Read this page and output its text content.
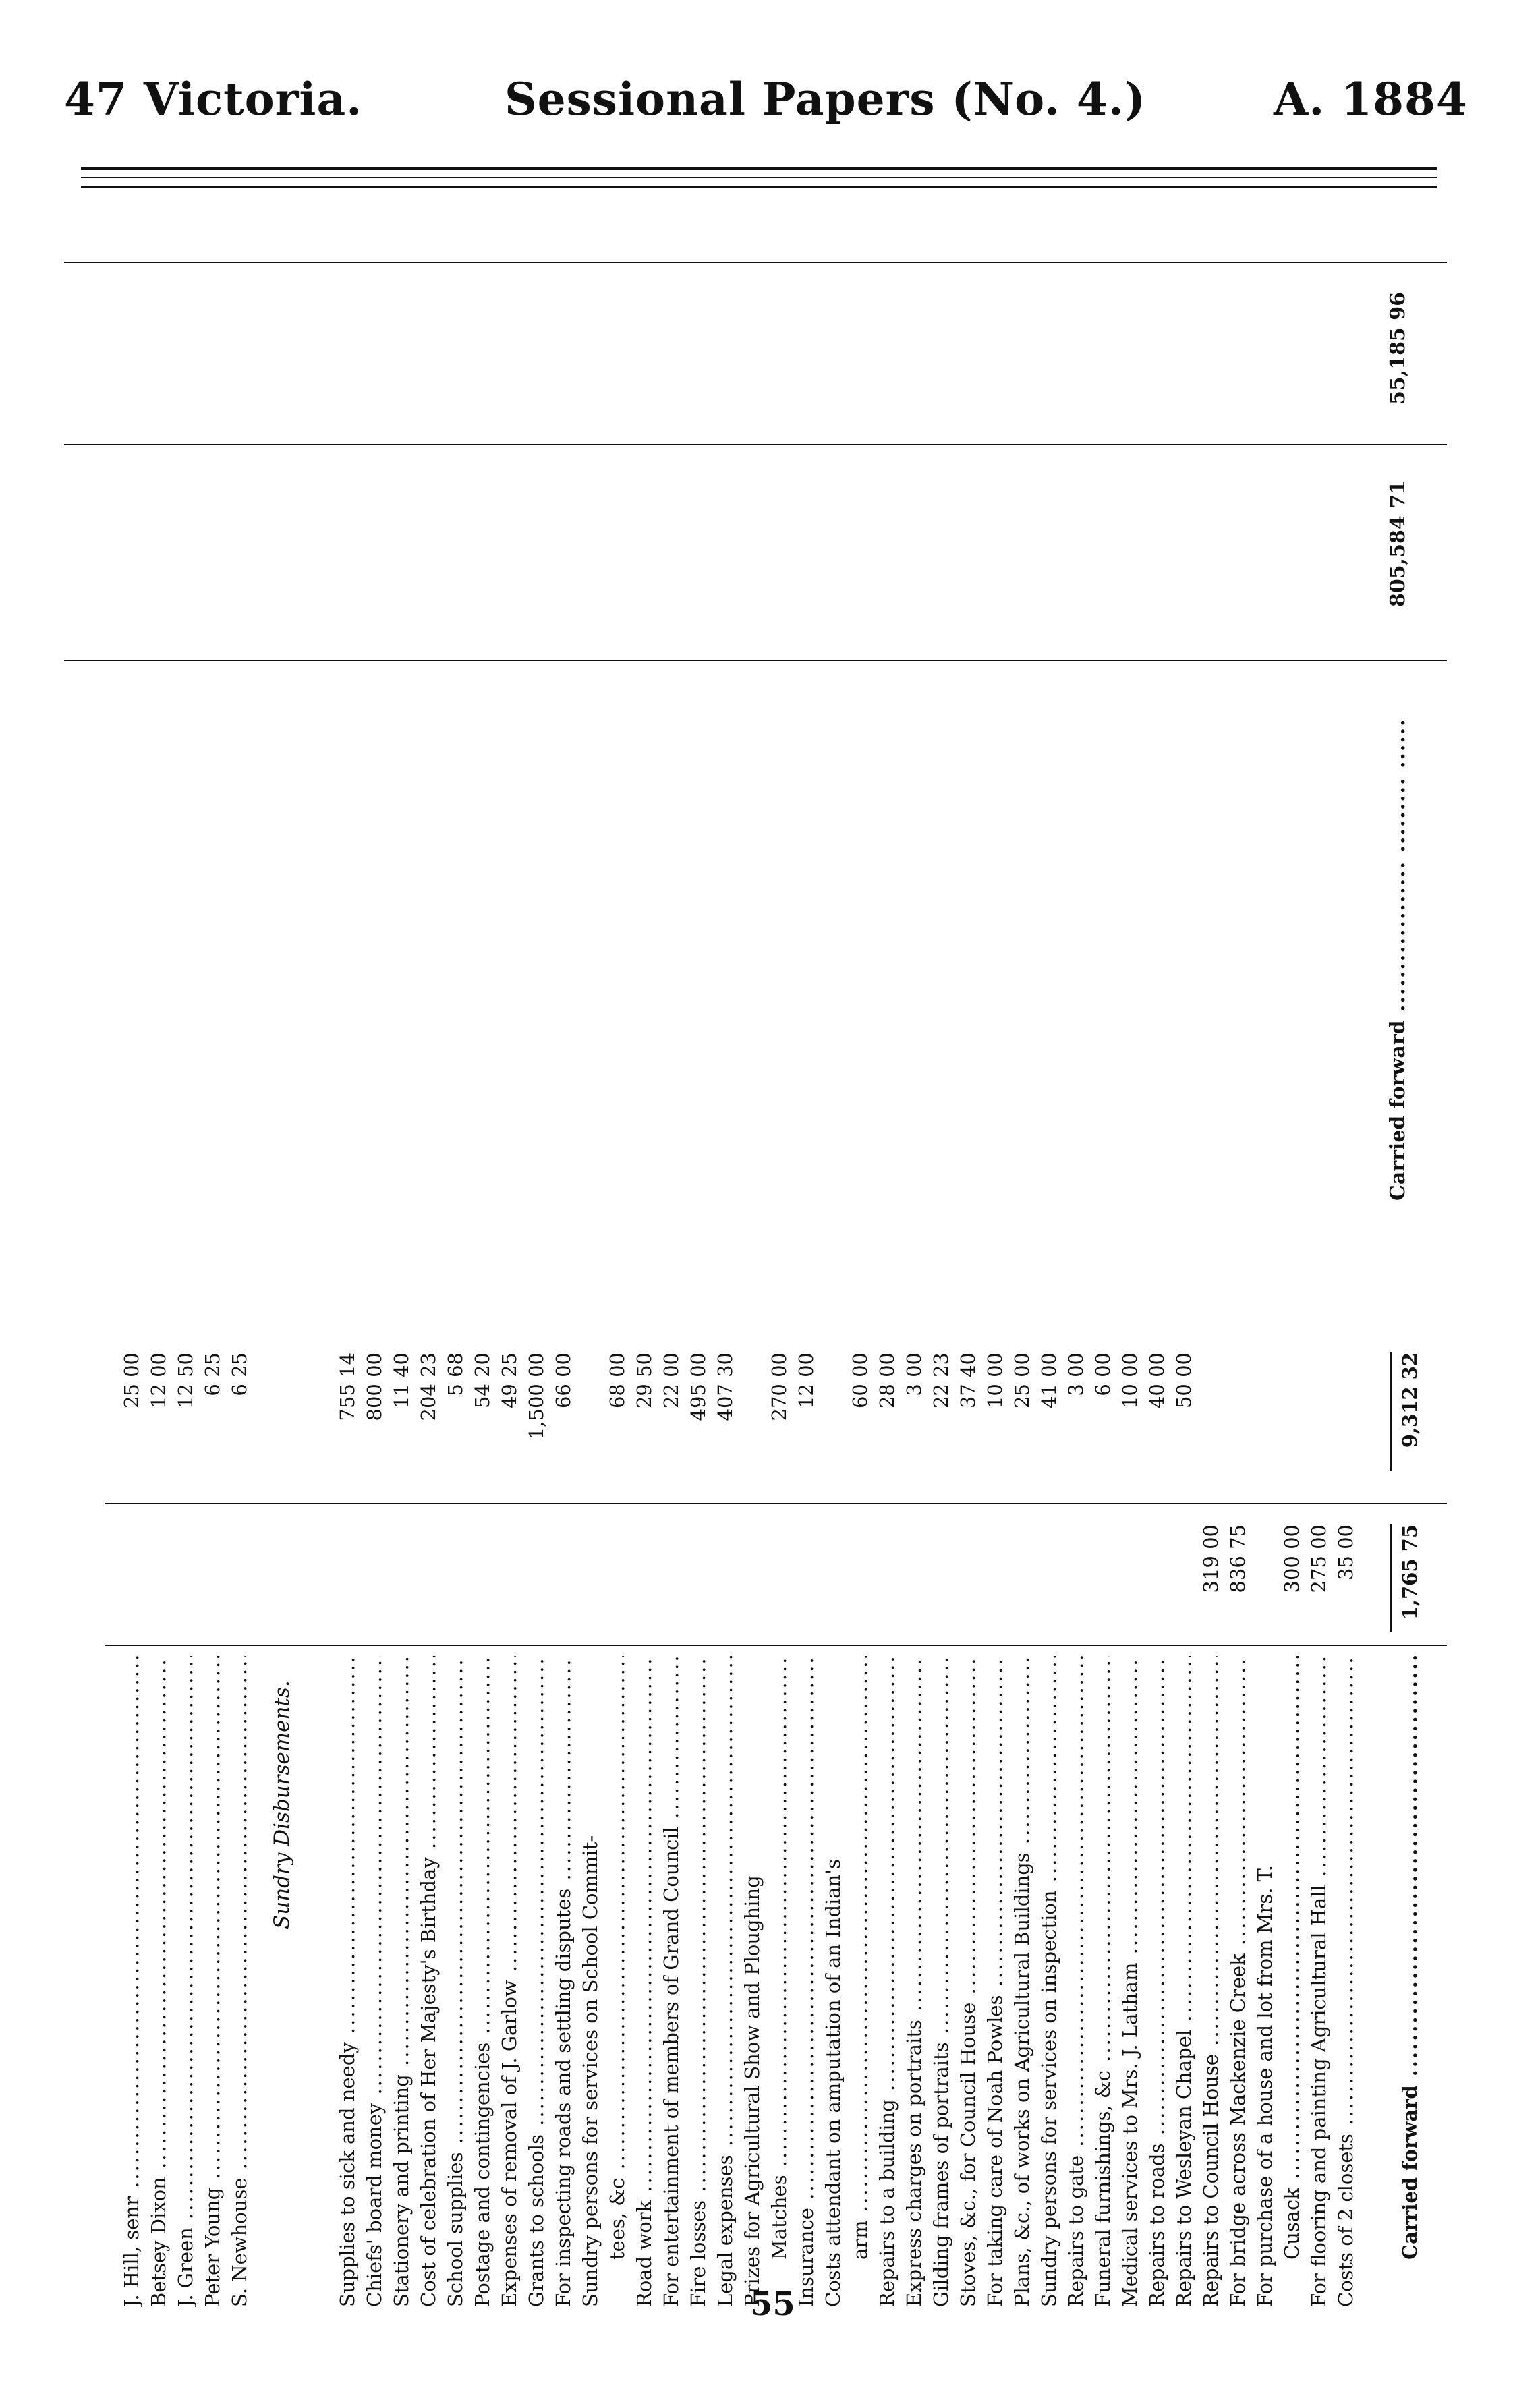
47 Victoria.	Sessional Papers (No. 4.)	A. 1884
Sundry Disbursements.
J. Hill, senr .....
25 00
Betsey Dixon .....
12 00
J. Green .....
12 50
Peter Young .....
6 25
S. Newhouse .....
6 25
Supplies to sick and needy .....
755 14
Chiefs' board money .....
800 00
Stationery and printing .....
11 40
Cost of celebration of Her Majesty's Birthday .....
204 23
School supplies .....
5 68
Postage and contingencies .....
54 20
Expenses of removal of J. Garlow .....
49 25
Grants to schools .....
1,500 00
For inspecting roads and settling disputes .....
66 00
Sundry persons for services on School Commit- tees, &c .....
68 00
Road work .....
29 50
For entertainment of members of Grand Council .....
22 00
Fire losses .....
495 00
Legal expenses .....
407 30
Prizes for Agricultural Show and Ploughing Matches .....
270 00
Insurance .....
12 00
Costs attendant on amputation of an Indian's arm .....
60 00
Repairs to a building .....
28 00
Express charges on portraits .....
3 00
Gilding frames of portraits .....
22 23
Stoves, &c., for Council House .....
37 40
For taking care of Noah Powles .....
10 00
Plans, &c., of works on Agricultural Buildings .....
25 00
Sundry persons for services on inspection .....
41 00
Repairs to gate .....
3 00
Funeral furnishings, &c .....
6 00
Medical services to Mrs. J. Latham .....
10 00
Repairs to roads .....
40 00
Repairs to Wesleyan Chapel .....
50 00
Repairs to Council House .....
319 00
For bridge across Mackenzie Creek .....
836 75
For purchase of a house and lot from Mrs. T. Cusack .....
300 00
For flooring and painting Agricultural Hall .....
275 00
Costs of 2 closets .....
35 00
Carried forward .....
1,765 75
9,312 32
Carried forward .....
805,584 71
55,185 96
55
